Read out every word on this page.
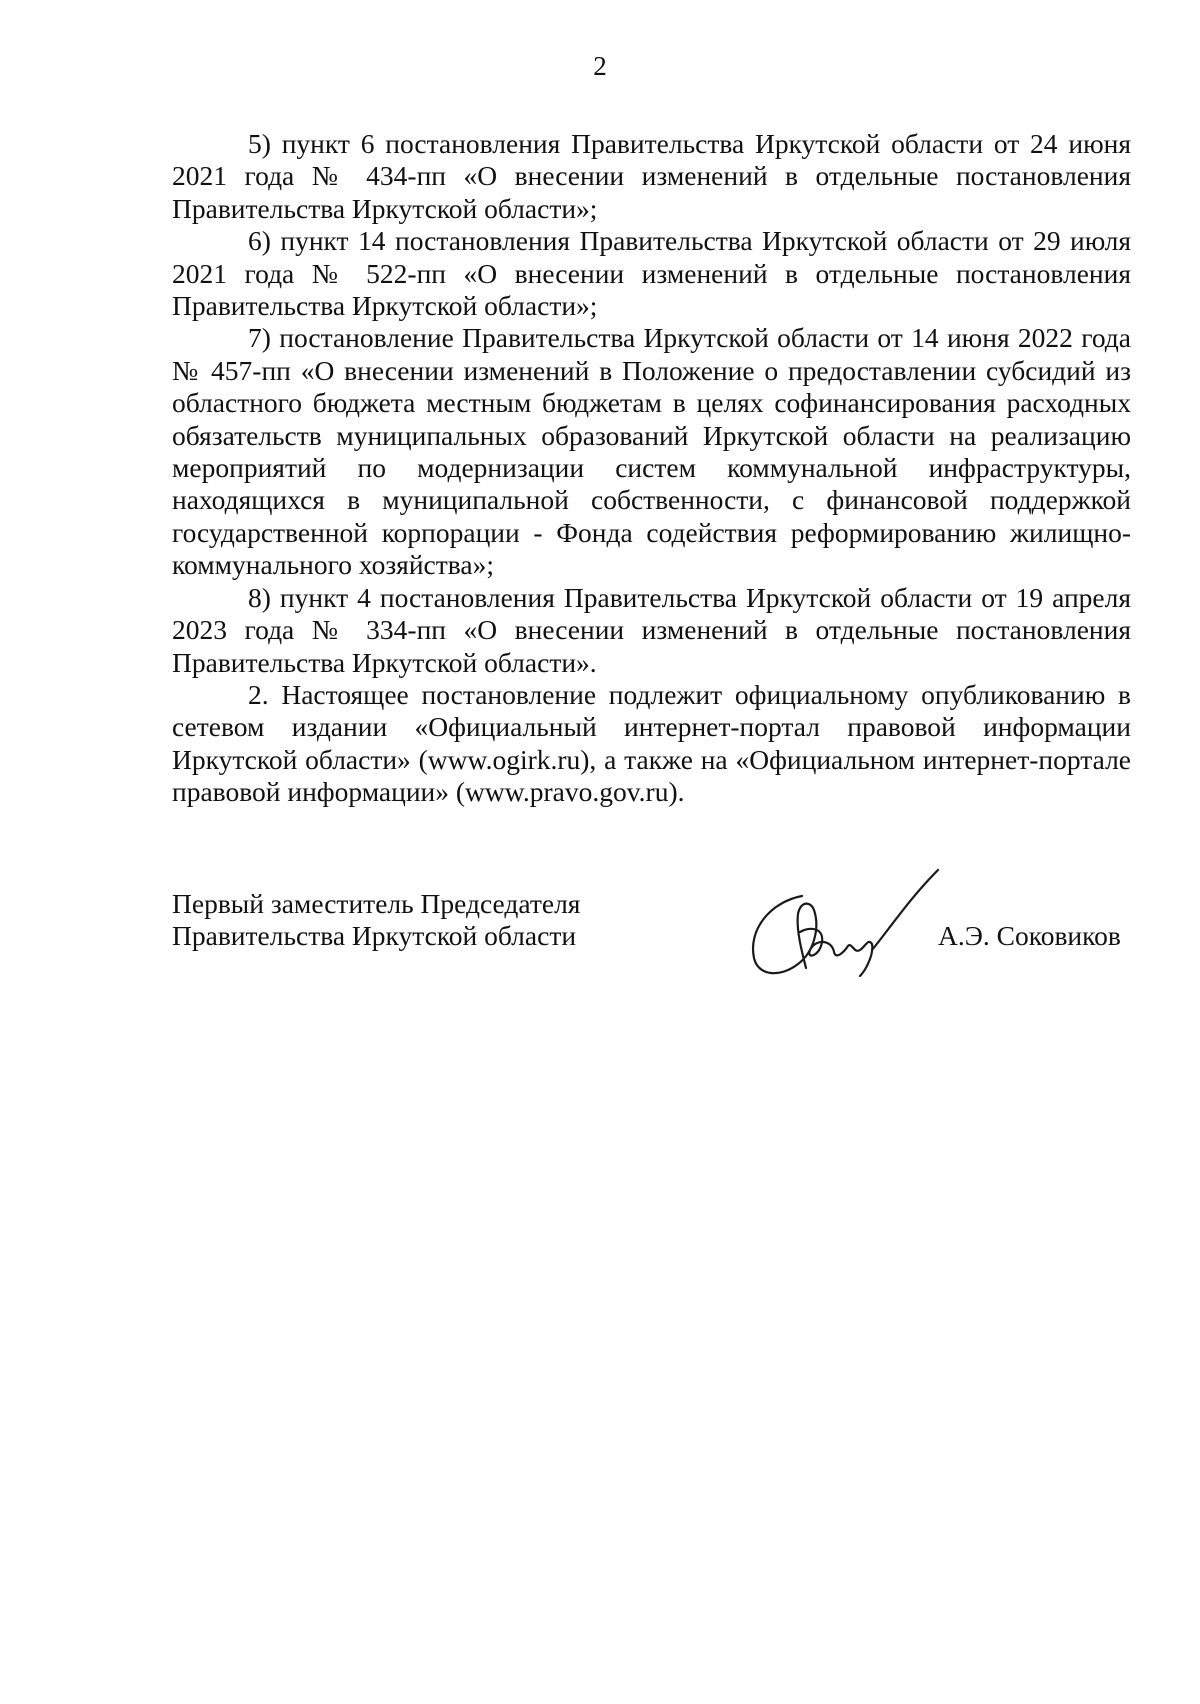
2

5) пункт 6 постановления Правительства Иркутской области от 24 июня 2021 года № 434-пп «О внесении изменений в отдельные постановления Правительства Иркутской области»;

6) пункт 14 постановления Правительства Иркутской области от 29 июля 2021 года № 522-пп «О внесении изменений в отдельные постановления Правительства Иркутской области»;

7) постановление Правительства Иркутской области от 14 июня 2022 года № 457-пп «О внесении изменений в Положение о предоставлении субсидий из областного бюджета местным бюджетам в целях софинансирования расходных обязательств муниципальных образований Иркутской области на реализацию мероприятий по модернизации систем коммунальной инфраструктуры, находящихся в муниципальной собственности, с финансовой поддержкой государственной корпорации - Фонда содействия реформированию жилищно-коммунального хозяйства»;

8) пункт 4 постановления Правительства Иркутской области от 19 апреля 2023 года № 334-пп «О внесении изменений в отдельные постановления Правительства Иркутской области».

2. Настоящее постановление подлежит официальному опубликованию в сетевом издании «Официальный интернет-портал правовой информации Иркутской области» (www.ogirk.ru), а также на «Официальном интернет-портале правовой информации» (www.pravo.gov.ru).

Первый заместитель Председателя
Правительства Иркутской области	А.Э. Соковиков
